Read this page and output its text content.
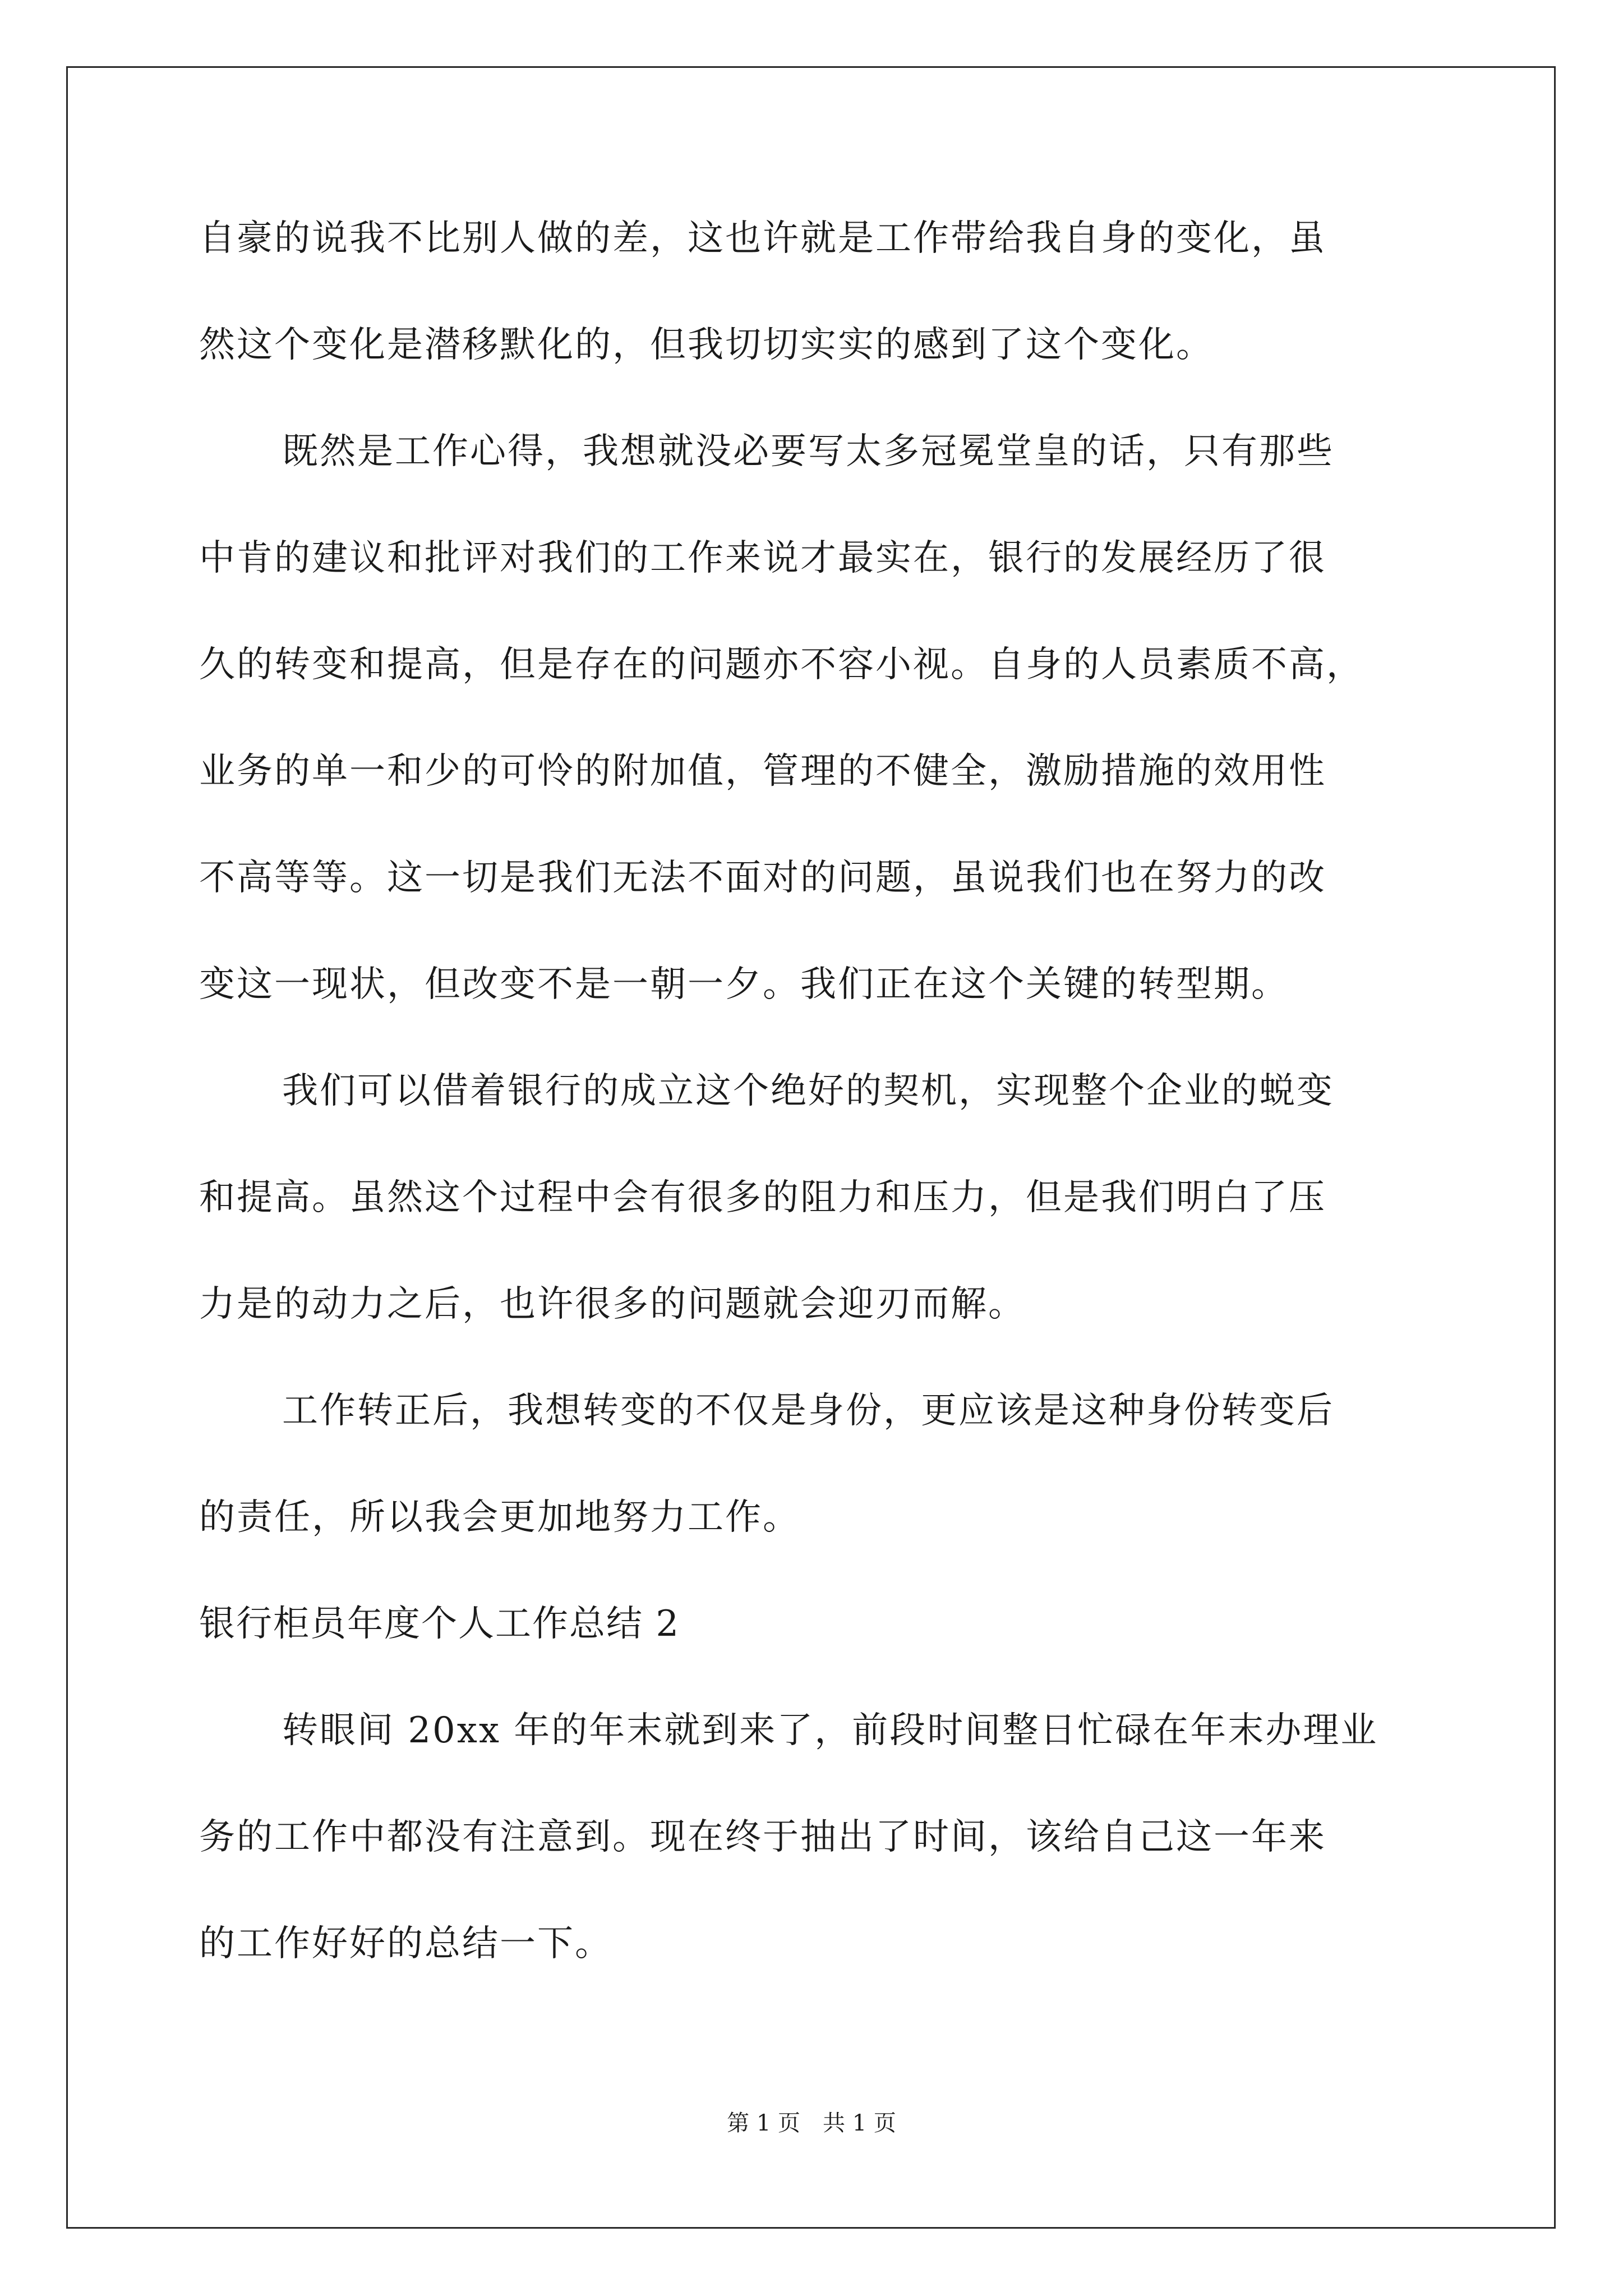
自豪的说我不比别人做的差，这也许就是工作带给我自身的变化，虽
然这个变化是潜移默化的，但我切切实实的感到了这个变化。
既然是工作心得，我想就没必要写太多冠冕堂皇的话，只有那些
中肯的建议和批评对我们的工作来说才最实在，银行的发展经历了很
久的转变和提高，但是存在的问题亦不容小视。自身的人员素质不高，
业务的单一和少的可怜的附加值，管理的不健全，激励措施的效用性
不高等等。这一切是我们无法不面对的问题，虽说我们也在努力的改
变这一现状，但改变不是一朝一夕。我们正在这个关键的转型期。
我们可以借着银行的成立这个绝好的契机，实现整个企业的蜕变
和提高。虽然这个过程中会有很多的阻力和压力，但是我们明白了压
力是的动力之后，也许很多的问题就会迎刃而解。
工作转正后，我想转变的不仅是身份，更应该是这种身份转变后
的责任，所以我会更加地努力工作。
银行柜员年度个人工作总结 2
转眼间 20xx 年的年末就到来了，前段时间整日忙碌在年末办理业
务的工作中都没有注意到。现在终于抽出了时间，该给自己这一年来
的工作好好的总结一下。
第 1 页　共 1 页
